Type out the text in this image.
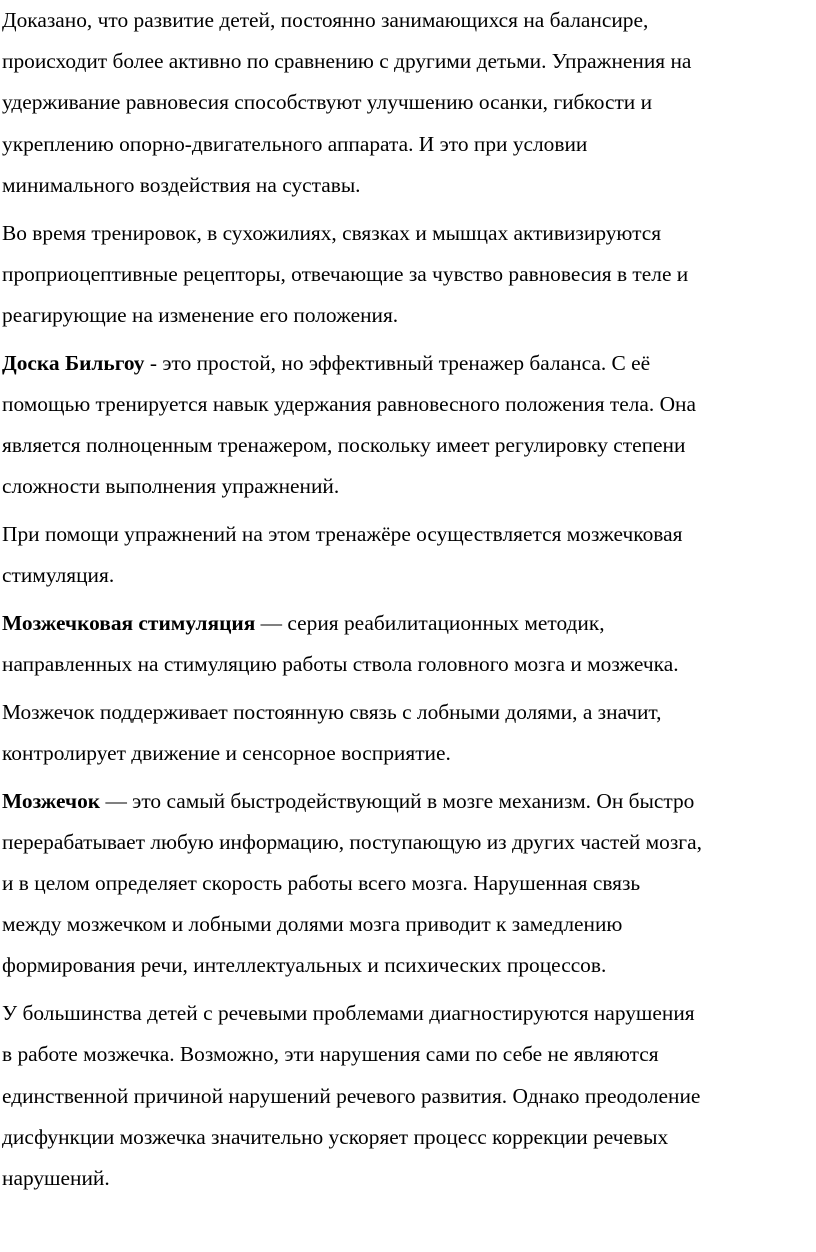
Доказано, что развитие детей, постоянно занимающихся на балансире,
происходит более активно по сравнению с другими детьми. Упражнения на
удерживание равновесия способствуют улучшению осанки, гибкости и
укреплению опорно-двигательного аппарата. И это при условии
минимального воздействия на суставы.

Во время тренировок, в сухожилиях, связках и мышцах активизируются
проприоцептивные рецепторы, отвечающие за чувство равновесия в теле и
реагирующие на изменение его положения.

Доска Бильгоу - это простой, но эффективный тренажер баланса. С её
помощью тренируется навык удержания равновесного положения тела. Она
является полноценным тренажером, поскольку имеет регулировку степени
сложности выполнения упражнений.

При помощи упражнений на этом тренажёре осуществляется мозжечковая
стимуляция.

Мозжечковая стимуляция — серия реабилитационных методик,
направленных на стимуляцию работы ствола головного мозга и мозжечка.

Мозжечок поддерживает постоянную связь с лобными долями, а значит,
контролирует движение и сенсорное восприятие.

Мозжечок — это самый быстродействующий в мозге механизм. Он быстро
перерабатывает любую информацию, поступающую из других частей мозга,
и в целом определяет скорость работы всего мозга. Нарушенная связь
между мозжечком и лобными долями мозга приводит к замедлению
формирования речи, интеллектуальных и психических процессов.

У большинства детей с речевыми проблемами диагностируются нарушения
в работе мозжечка. Возможно, эти нарушения сами по себе не являются
единственной причиной нарушений речевого развития. Однако преодоление
дисфункции мозжечка значительно ускоряет процесс коррекции речевых
нарушений.
